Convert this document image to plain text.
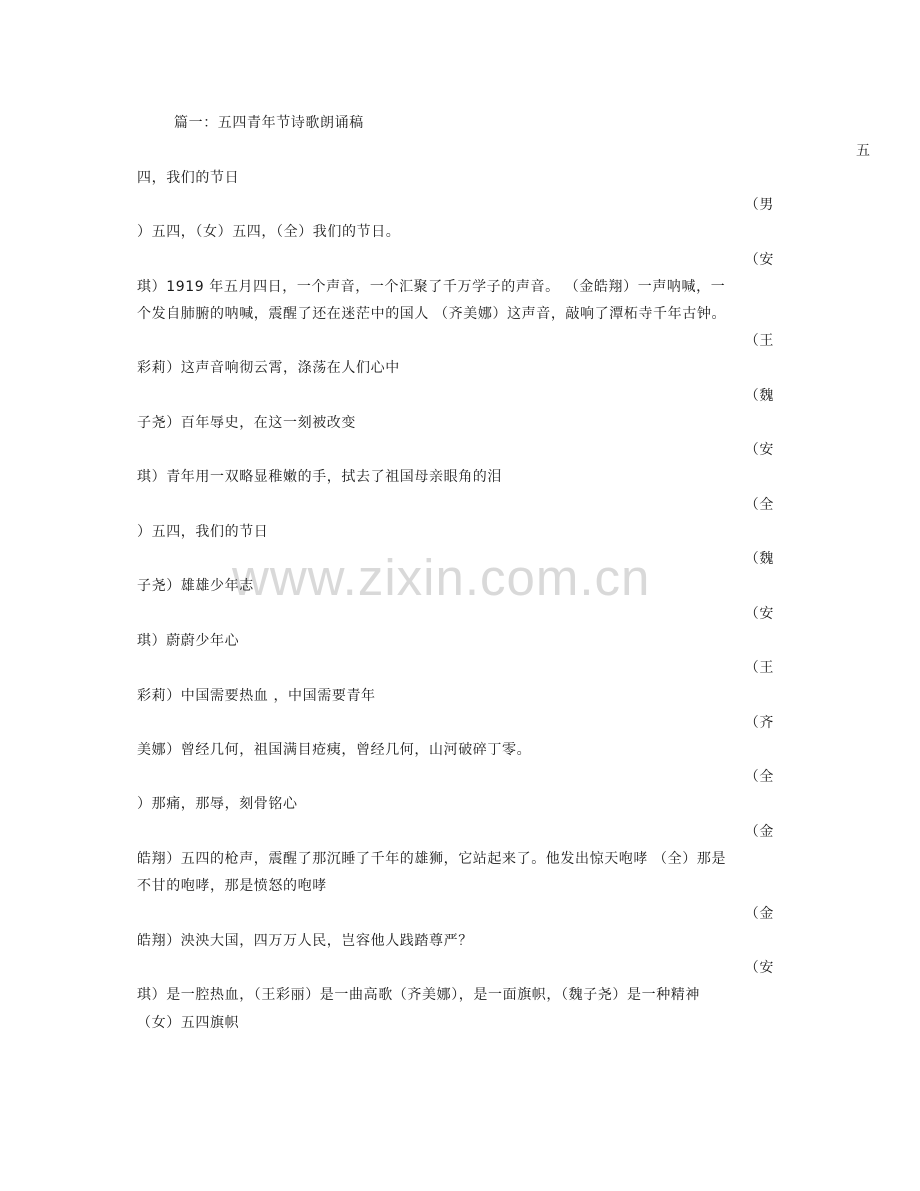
www.zixin.com.cn
篇一：五四青年节诗歌朗诵稿
五
四，我们的节日
（男
）五四，（女）五四，（全）我们的节日。
（安
琪）1919 年五月四日，一个声音，一个汇聚了千万学子的声音。 （金皓翔）一声呐喊，一
个发自肺腑的呐喊，震醒了还在迷茫中的国人 （齐美娜）这声音，敲响了潭柘寺千年古钟。
（王
彩莉）这声音响彻云霄，涤荡在人们心中
（魏
子尧）百年辱史，在这一刻被改变
（安
琪）青年用一双略显稚嫩的手，拭去了祖国母亲眼角的泪
（全
）五四，我们的节日
（魏
子尧）雄雄少年志
（安
琪）蔚蔚少年心
（王
彩莉）中国需要热血 ，中国需要青年
（齐
美娜）曾经几何，祖国满目疮痍，曾经几何，山河破碎丁零。
（全
）那痛，那辱，刻骨铭心
（金
皓翔）五四的枪声，震醒了那沉睡了千年的雄狮，它站起来了。他发出惊天咆哮 （全）那是
不甘的咆哮，那是愤怒的咆哮
（金
皓翔）泱泱大国，四万万人民，岂容他人践踏尊严？
（安
琪）是一腔热血，（王彩丽）是一曲高歌（齐美娜），是一面旗帜，（魏子尧）是一种精神
（女）五四旗帜
